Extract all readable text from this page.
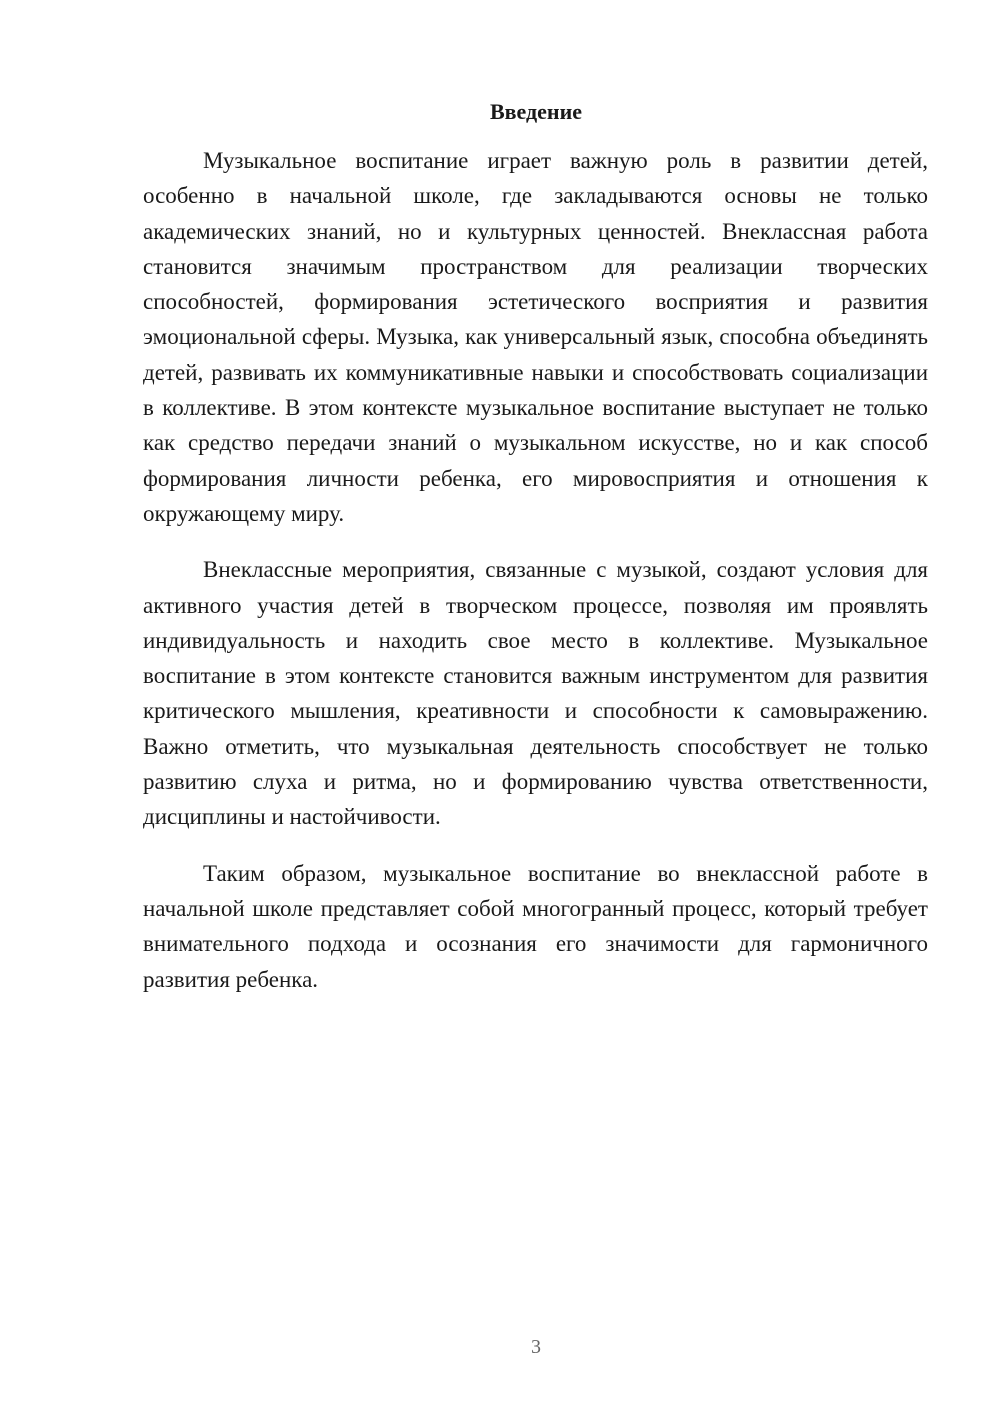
Введение

Музыкальное воспитание играет важную роль в развитии детей, особенно в начальной школе, где закладываются основы не только академических знаний, но и культурных ценностей. Внеклассная работа становится значимым пространством для реализации творческих способностей, формирования эстетического восприятия и развития эмоциональной сферы. Музыка, как универсальный язык, способна объединять детей, развивать их коммуникативные навыки и способствовать социализации в коллективе. В этом контексте музыкальное воспитание выступает не только как средство передачи знаний о музыкальном искусстве, но и как способ формирования личности ребенка, его мировосприятия и отношения к окружающему миру.

Внеклассные мероприятия, связанные с музыкой, создают условия для активного участия детей в творческом процессе, позволяя им проявлять индивидуальность и находить свое место в коллективе. Музыкальное воспитание в этом контексте становится важным инструментом для развития критического мышления, креативности и способности к самовыражению. Важно отметить, что музыкальная деятельность способствует не только развитию слуха и ритма, но и формированию чувства ответственности, дисциплины и настойчивости.

Таким образом, музыкальное воспитание во внеклассной работе в начальной школе представляет собой многогранный процесс, который требует внимательного подхода и осознания его значимости для гармоничного развития ребенка.

3
